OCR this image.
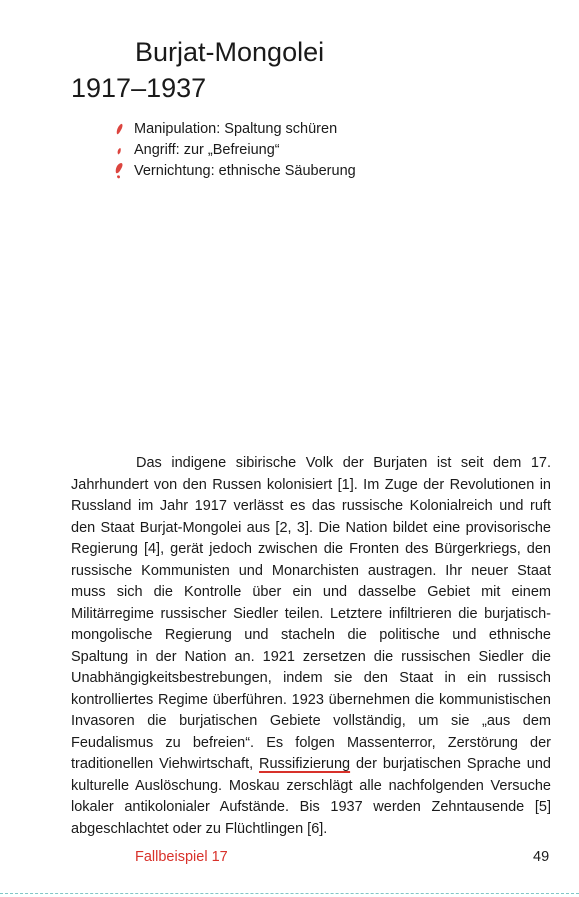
Burjat-Mongolei
1917–1937
Manipulation: Spaltung schüren
Angriff: zur „Befreiung“
Vernichtung: ethnische Säuberung

Das indigene sibirische Volk der Burjaten ist seit dem 17. Jahrhundert von den Russen kolonisiert [1]. Im Zuge der Revolutionen in Russland im Jahr 1917 verlässt es das russische Kolonialreich und ruft den Staat Burjat-Mongolei aus [2, 3]. Die Nation bildet eine provisorische Regierung [4], gerät jedoch zwischen die Fronten des Bürgerkriegs, den russische Kommunisten und Monarchisten austragen. Ihr neuer Staat muss sich die Kontrolle über ein und dasselbe Gebiet mit einem Militärregime russischer Siedler teilen. Letztere infiltrieren die burjatisch-mongolische Regierung und stacheln die politische und ethnische Spaltung in der Nation an. 1921 zersetzen die russischen Siedler die Unabhängigkeitsbestrebungen, indem sie den Staat in ein russisch kontrolliertes Regime überführen. 1923 übernehmen die kommunistischen Invasoren die burjatischen Gebiete vollständig, um sie „aus dem Feudalismus zu befreien“. Es folgen Massenterror, Zerstörung der traditionellen Viehwirtschaft, Russifizierung der burjatischen Sprache und kulturelle Auslöschung. Moskau zerschlägt alle nachfolgenden Versuche lokaler antikolonialer Aufstände. Bis 1937 werden Zehntausende [5] abgeschlachtet oder zu Flüchtlingen [6].

Fallbeispiel 17	49
